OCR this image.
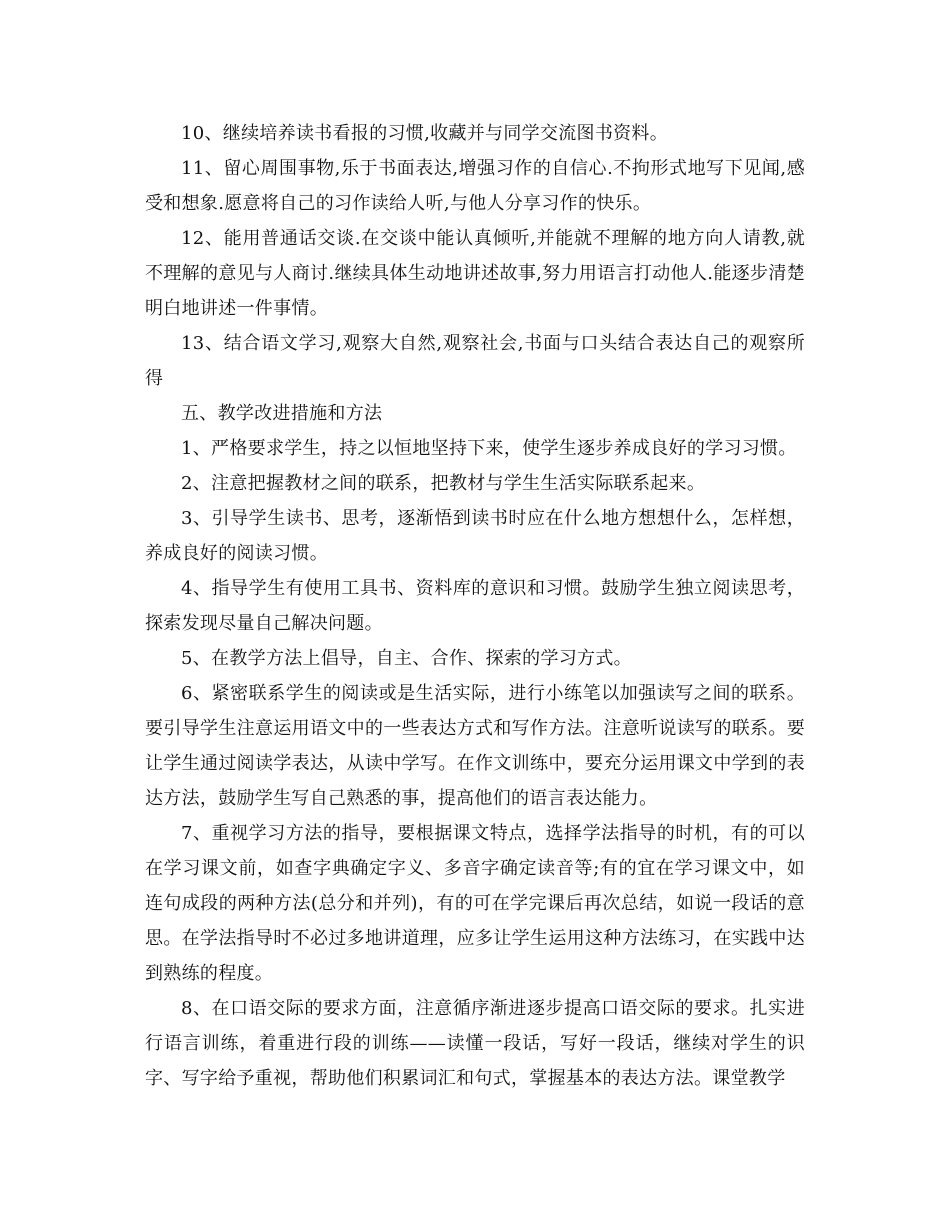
10、继续培养读书看报的习惯,收藏并与同学交流图书资料。

11、留心周围事物,乐于书面表达,增强习作的自信心.不拘形式地写下见闻,感受和想象.愿意将自己的习作读给人听,与他人分享习作的快乐。

12、能用普通话交谈.在交谈中能认真倾听,并能就不理解的地方向人请教,就不理解的意见与人商讨.继续具体生动地讲述故事,努力用语言打动他人.能逐步清楚明白地讲述一件事情。

13、结合语文学习,观察大自然,观察社会,书面与口头结合表达自己的观察所得

五、教学改进措施和方法

1、严格要求学生，持之以恒地坚持下来，使学生逐步养成良好的学习习惯。

2、注意把握教材之间的联系，把教材与学生生活实际联系起来。

3、引导学生读书、思考，逐渐悟到读书时应在什么地方想想什么，怎样想，养成良好的阅读习惯。

4、指导学生有使用工具书、资料库的意识和习惯。鼓励学生独立阅读思考，探索发现尽量自己解决问题。

5、在教学方法上倡导，自主、合作、探索的学习方式。

6、紧密联系学生的阅读或是生活实际，进行小练笔以加强读写之间的联系。要引导学生注意运用语文中的一些表达方式和写作方法。注意听说读写的联系。要让学生通过阅读学表达，从读中学写。在作文训练中，要充分运用课文中学到的表达方法，鼓励学生写自己熟悉的事，提高他们的语言表达能力。

7、重视学习方法的指导，要根据课文特点，选择学法指导的时机，有的可以在学习课文前，如查字典确定字义、多音字确定读音等;有的宜在学习课文中，如连句成段的两种方法(总分和并列)，有的可在学完课后再次总结，如说一段话的意思。在学法指导时不必过多地讲道理，应多让学生运用这种方法练习，在实践中达到熟练的程度。

8、在口语交际的要求方面，注意循序渐进逐步提高口语交际的要求。扎实进行语言训练，着重进行段的训练——读懂一段话，写好一段话，继续对学生的识字、写字给予重视，帮助他们积累词汇和句式，掌握基本的表达方法。课堂教学
